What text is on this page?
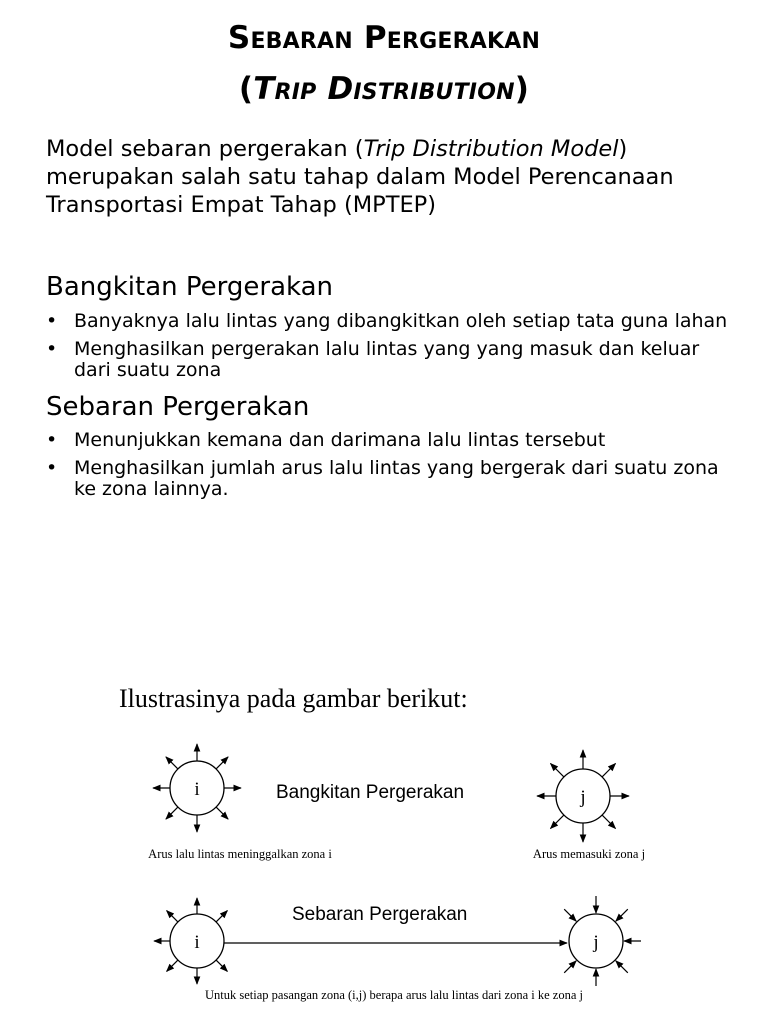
Sebaran Pergerakan
(Trip Distribution)
Model sebaran pergerakan (Trip Distribution Model) merupakan salah satu tahap dalam Model Perencanaan Transportasi Empat Tahap (MPTEP)
Bangkitan Pergerakan
• Banyaknya lalu lintas yang dibangkitkan oleh setiap tata guna lahan
• Menghasilkan pergerakan lalu lintas yang yang masuk dan keluar dari suatu zona
Sebaran Pergerakan
• Menunjukkan kemana dan darimana lalu lintas tersebut
• Menghasilkan jumlah arus lalu lintas yang bergerak dari suatu zona ke zona lainnya.
Ilustrasinya pada gambar berikut:
i	Bangkitan Pergerakan	j
Arus lalu lintas meninggalkan zona i	Arus memasuki zona j
Sebaran Pergerakan
i	j
Untuk setiap pasangan zona (i,j) berapa arus lalu lintas dari zona i ke zona j
